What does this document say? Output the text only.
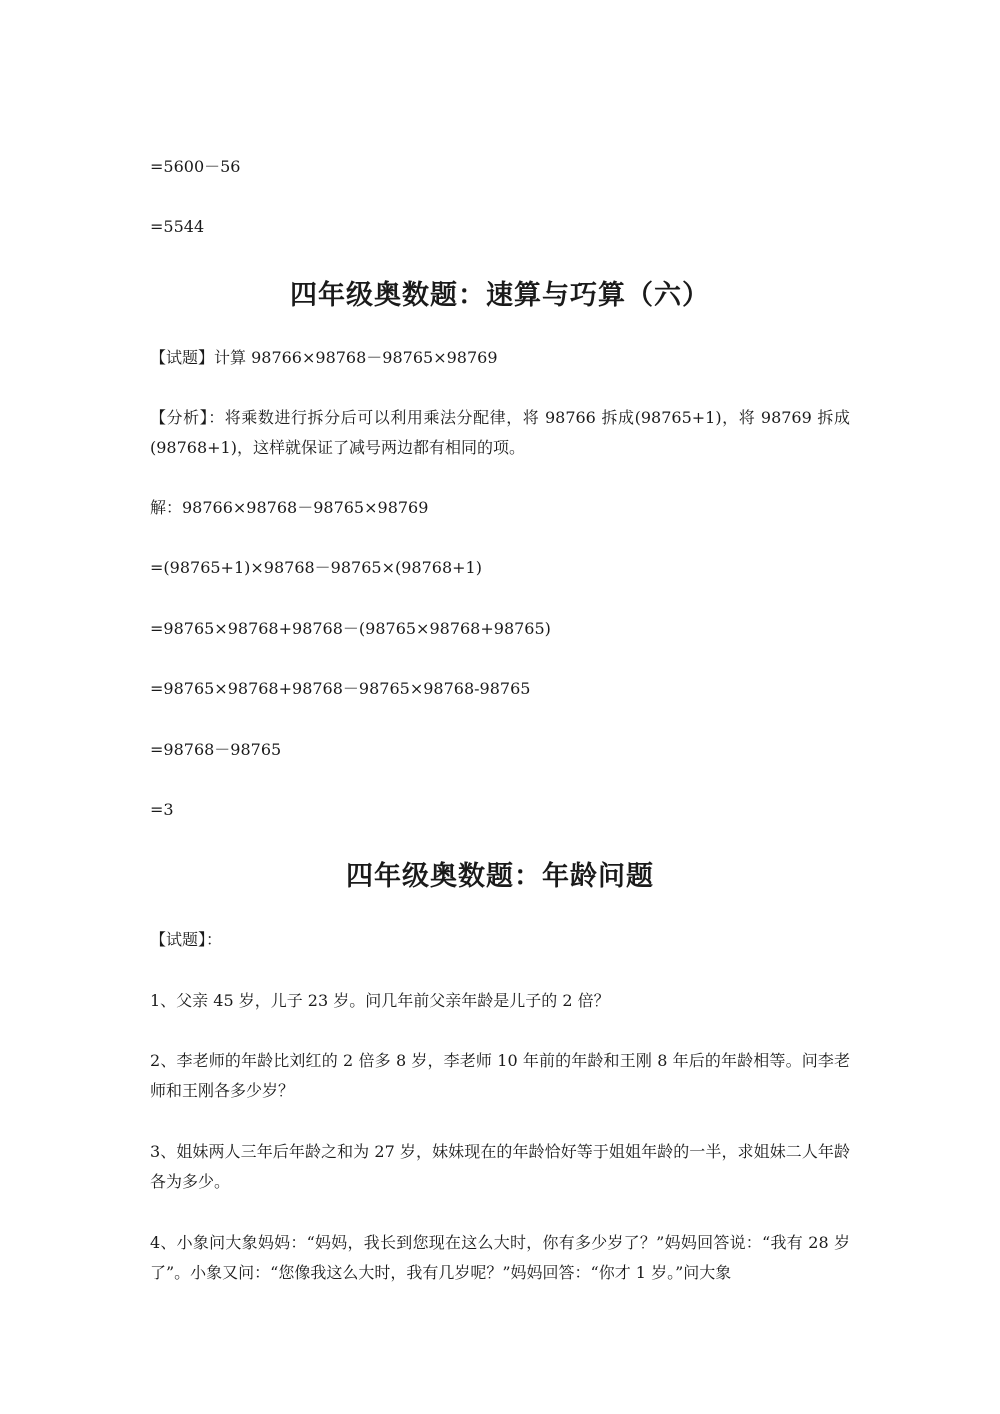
=5600－56
=5544
四年级奥数题：速算与巧算（六）
【试题】计算 98766×98768－98765×98769
【分析】：将乘数进行拆分后可以利用乘法分配律，将 98766 拆成(98765+1)，将 98769 拆成(98768+1)，这样就保证了减号两边都有相同的项。
解：98766×98768－98765×98769
=(98765+1)×98768－98765×(98768+1)
=98765×98768+98768－(98765×98768+98765)
=98765×98768+98768－98765×98768-98765
=98768－98765
=3
四年级奥数题：年龄问题
【试题】：
1、父亲 45 岁，儿子 23 岁。问几年前父亲年龄是儿子的 2 倍？
2、李老师的年龄比刘红的 2 倍多 8 岁，李老师 10 年前的年龄和王刚 8 年后的年龄相等。问李老师和王刚各多少岁？
3、姐妹两人三年后年龄之和为 27 岁，妹妹现在的年龄恰好等于姐姐年龄的一半，求姐妹二人年龄各为多少。
4、小象问大象妈妈：“妈妈，我长到您现在这么大时，你有多少岁了？”妈妈回答说：“我有 28 岁了”。小象又问：“您像我这么大时，我有几岁呢？”妈妈回答：“你才 1 岁。”问大象
